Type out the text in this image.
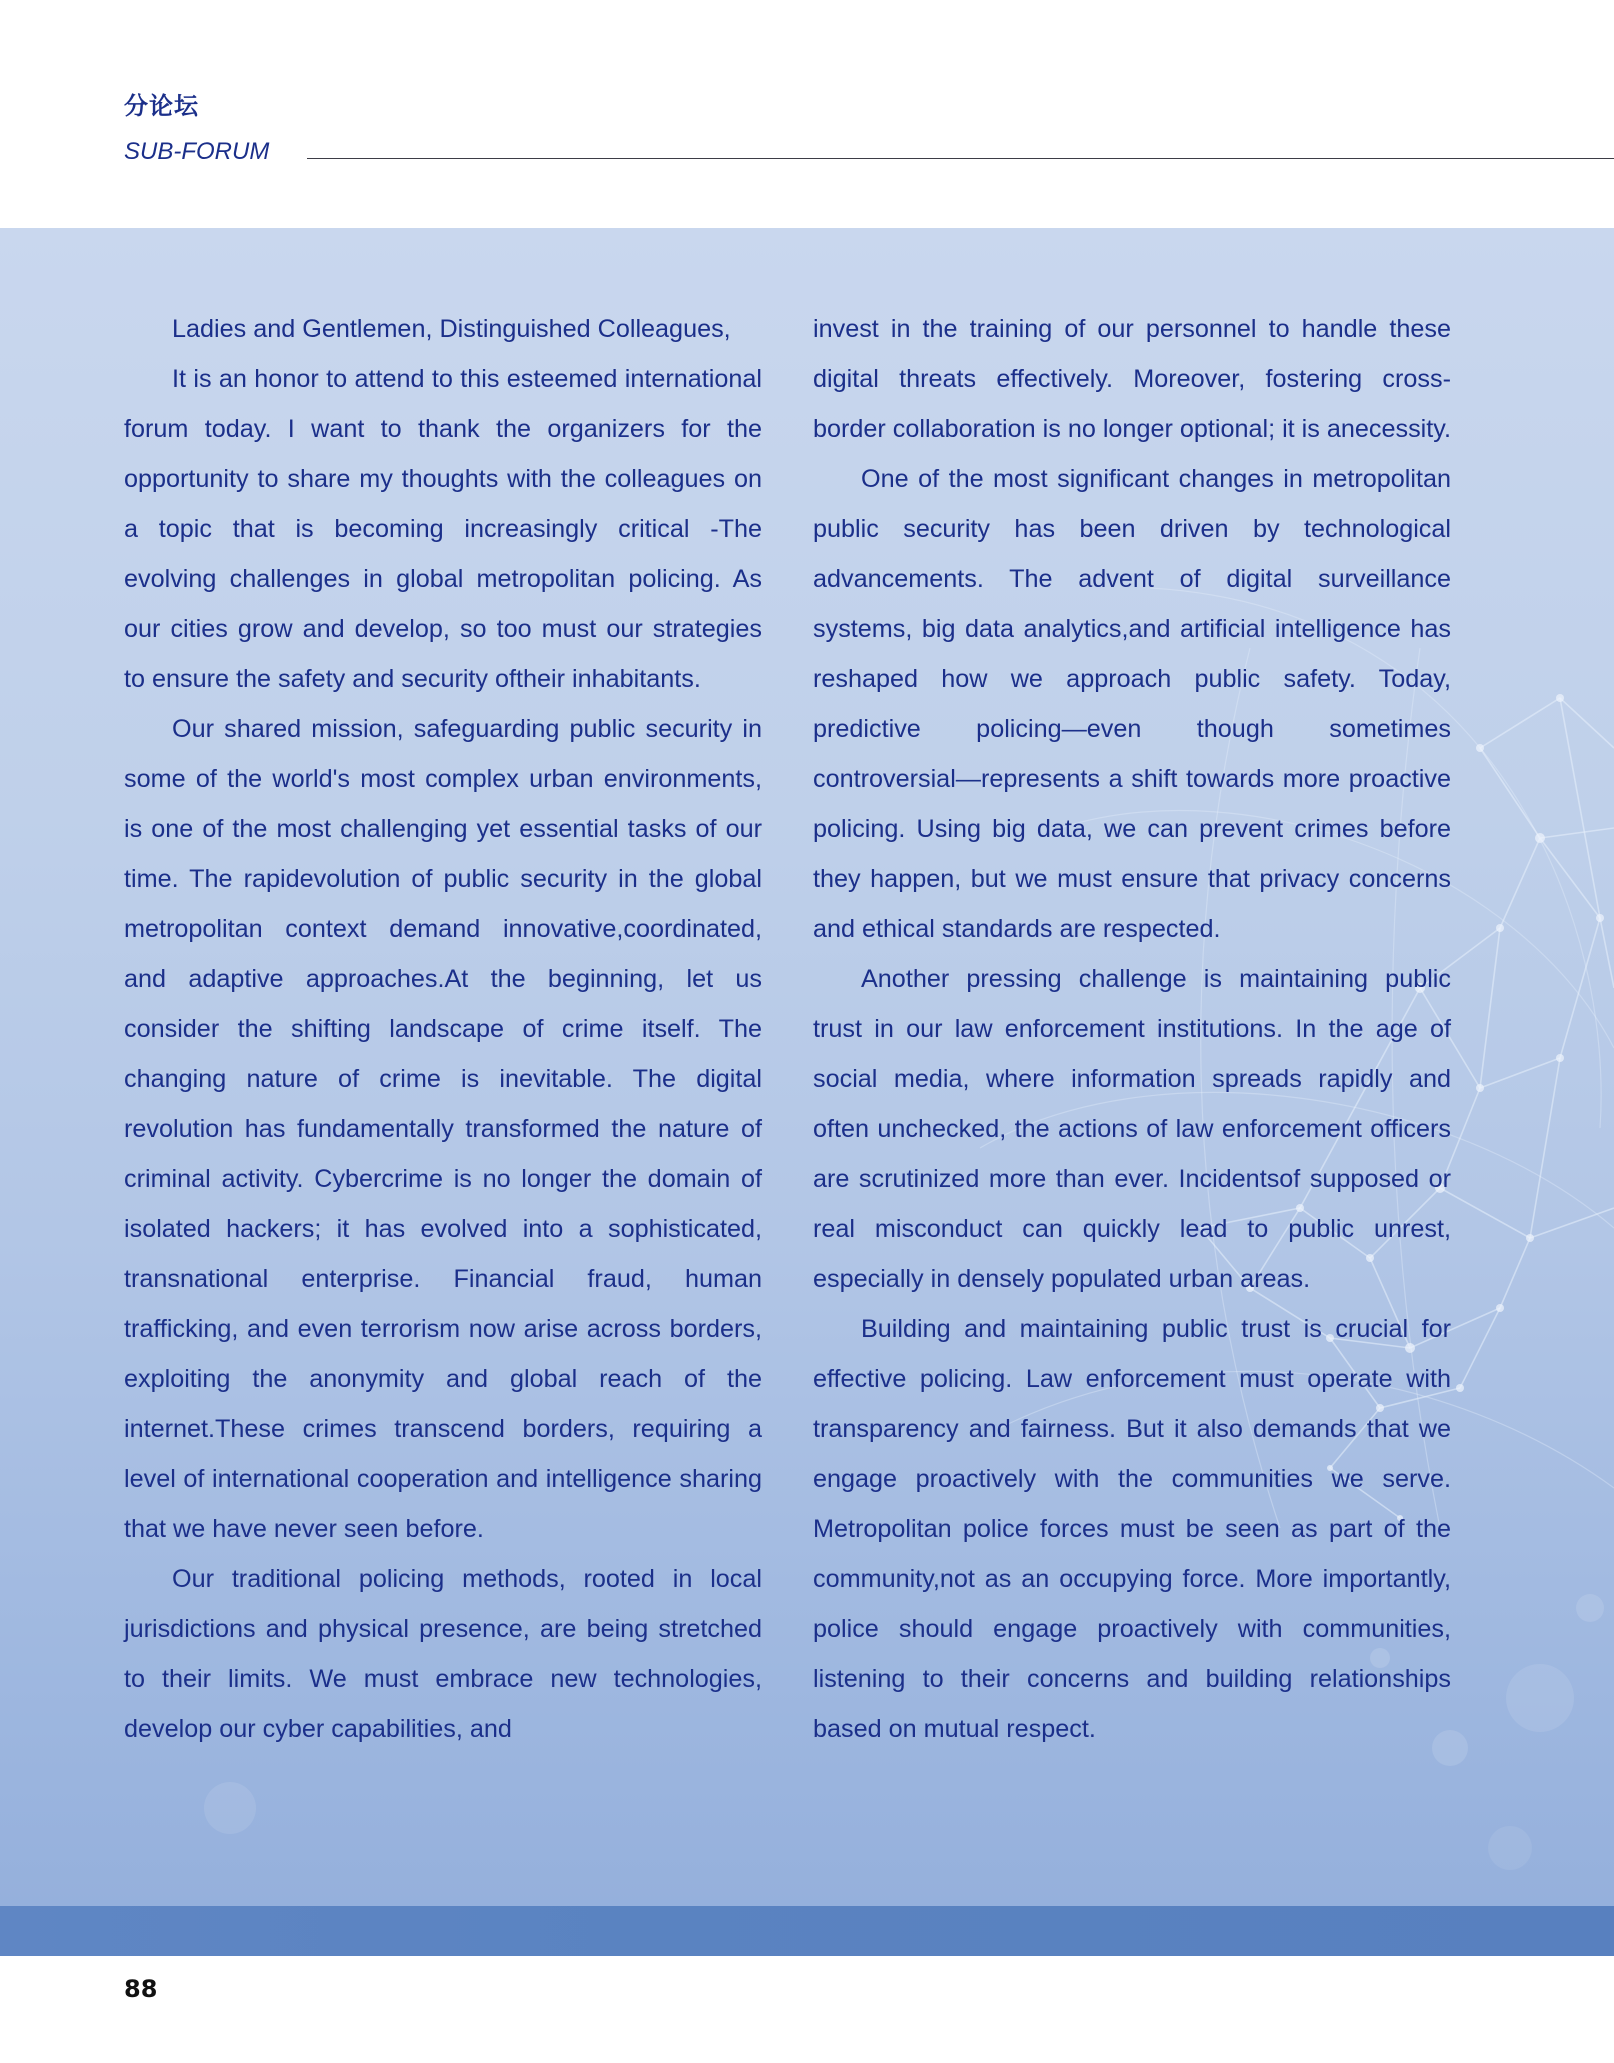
分论坛
SUB-FORUM

Ladies and Gentlemen, Distinguished Colleagues,

It is an honor to attend to this esteemed international forum today. I want to thank the organizers for the opportunity to share my thoughts with the colleagues on a topic that is becoming increasingly critical -The evolving challenges in global metropolitan policing. As our cities grow and develop, so too must our strategies to ensure the safety and security oftheir inhabitants.

Our shared mission, safeguarding public security in some of the world's most complex urban environments, is one of the most challenging yet essential tasks of our time. The rapidevolution of public security in the global metropolitan context demand innovative,coordinated, and adaptive approaches.At the beginning, let us consider the shifting landscape of crime itself. The changing nature of crime is inevitable. The digital revolution has fundamentally transformed the nature of criminal activity. Cybercrime is no longer the domain of isolated hackers; it has evolved into a sophisticated, transnational enterprise. Financial fraud, human trafficking, and even terrorism now arise across borders, exploiting the anonymity and global reach of the internet.These crimes transcend borders, requiring a level of international cooperation and intelligence sharing that we have never seen before.

Our traditional policing methods, rooted in local jurisdictions and physical presence, are being stretched to their limits. We must embrace new technologies, develop our cyber capabilities, and

invest in the training of our personnel to handle these digital threats effectively. Moreover, fostering cross-border collaboration is no longer optional; it is anecessity.

One of the most significant changes in metropolitan public security has been driven by technological advancements. The advent of digital surveillance systems, big data analytics,and artificial intelligence has reshaped how we approach public safety. Today, predictive policing—even though sometimes controversial—represents a shift towards more proactive policing. Using big data, we can prevent crimes before they happen, but we must ensure that privacy concerns and ethical standards are respected.

Another pressing challenge is maintaining public trust in our law enforcement institutions. In the age of social media, where information spreads rapidly and often unchecked, the actions of law enforcement officers are scrutinized more than ever. Incidentsof supposed or real misconduct can quickly lead to public unrest, especially in densely populated urban areas.

Building and maintaining public trust is crucial for effective policing. Law enforcement must operate with transparency and fairness. But it also demands that we engage proactively with the communities we serve. Metropolitan police forces must be seen as part of the community,not as an occupying force. More importantly, police should engage proactively with communities, listening to their concerns and building relationships based on mutual respect.

88
